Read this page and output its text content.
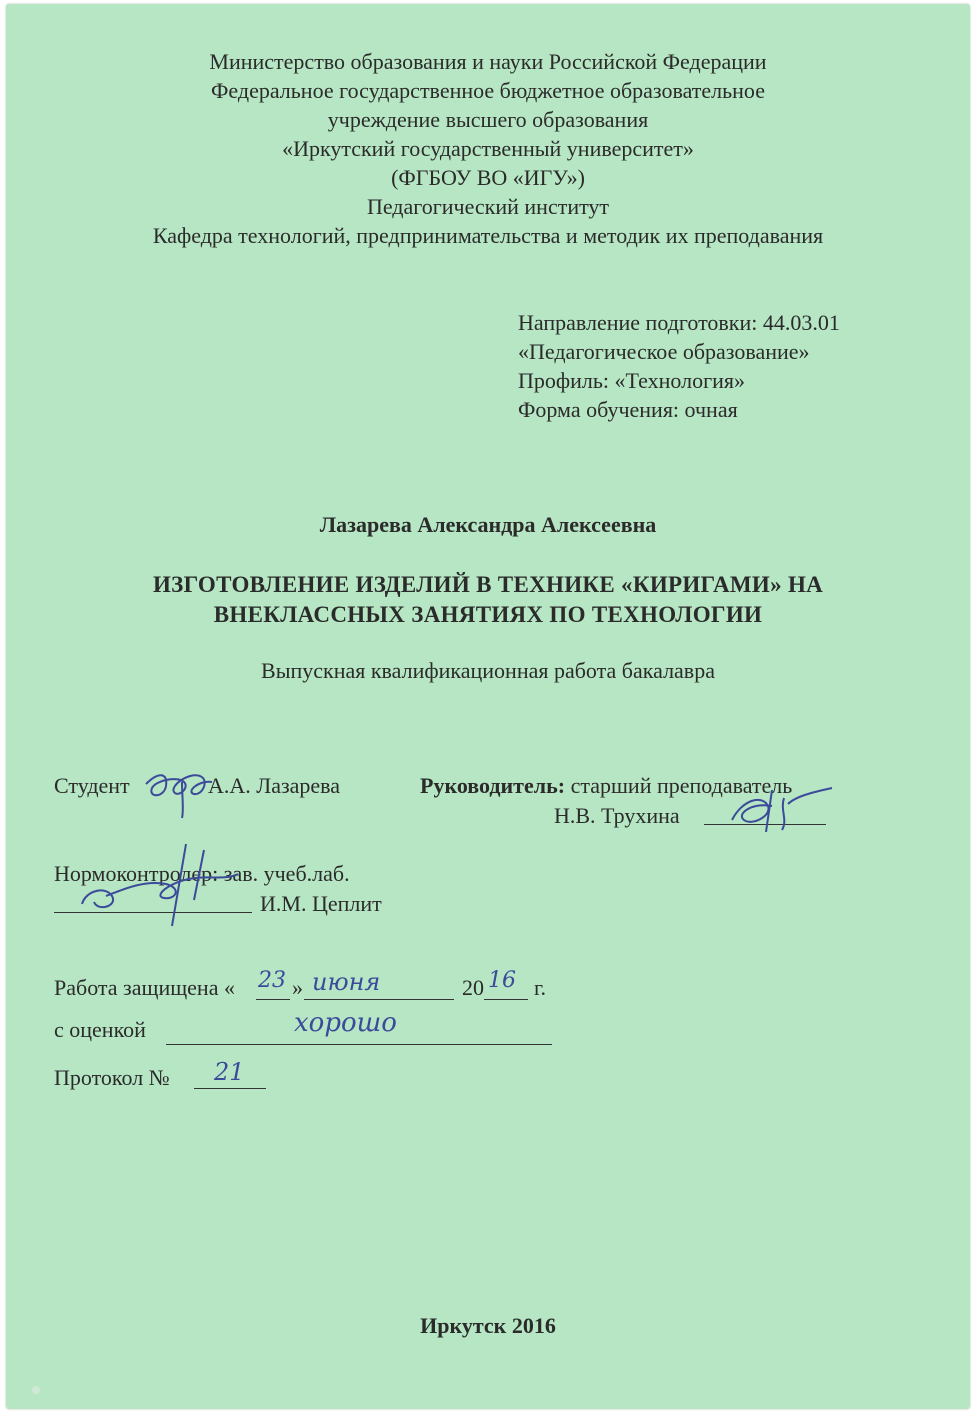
Министерство образования и науки Российской Федерации
Федеральное государственное бюджетное образовательное
учреждение высшего образования
«Иркутский государственный университет»
(ФГБОУ ВО «ИГУ»)
Педагогический институт
Кафедра технологий, предпринимательства и методик их преподавания
Направление подготовки: 44.03.01
«Педагогическое образование»
Профиль: «Технология»
Форма обучения: очная
Лазарева Александра Алексеевна
ИЗГОТОВЛЕНИЕ ИЗДЕЛИЙ В ТЕХНИКЕ «КИРИГАМИ» НА
ВНЕКЛАССНЫХ ЗАНЯТИЯХ ПО ТЕХНОЛОГИИ
Выпускная квалификационная работа бакалавра
Студент	А.А. Лазарева	Руководитель: старший преподаватель
Н.В. Трухина
Нормоконтролер: зав. учеб.лаб.
И.М. Цеплит
Работа защищена « 23 » июня	20 16 г.
с оценкой	хорошо
Протокол № 21
Иркутск 2016
